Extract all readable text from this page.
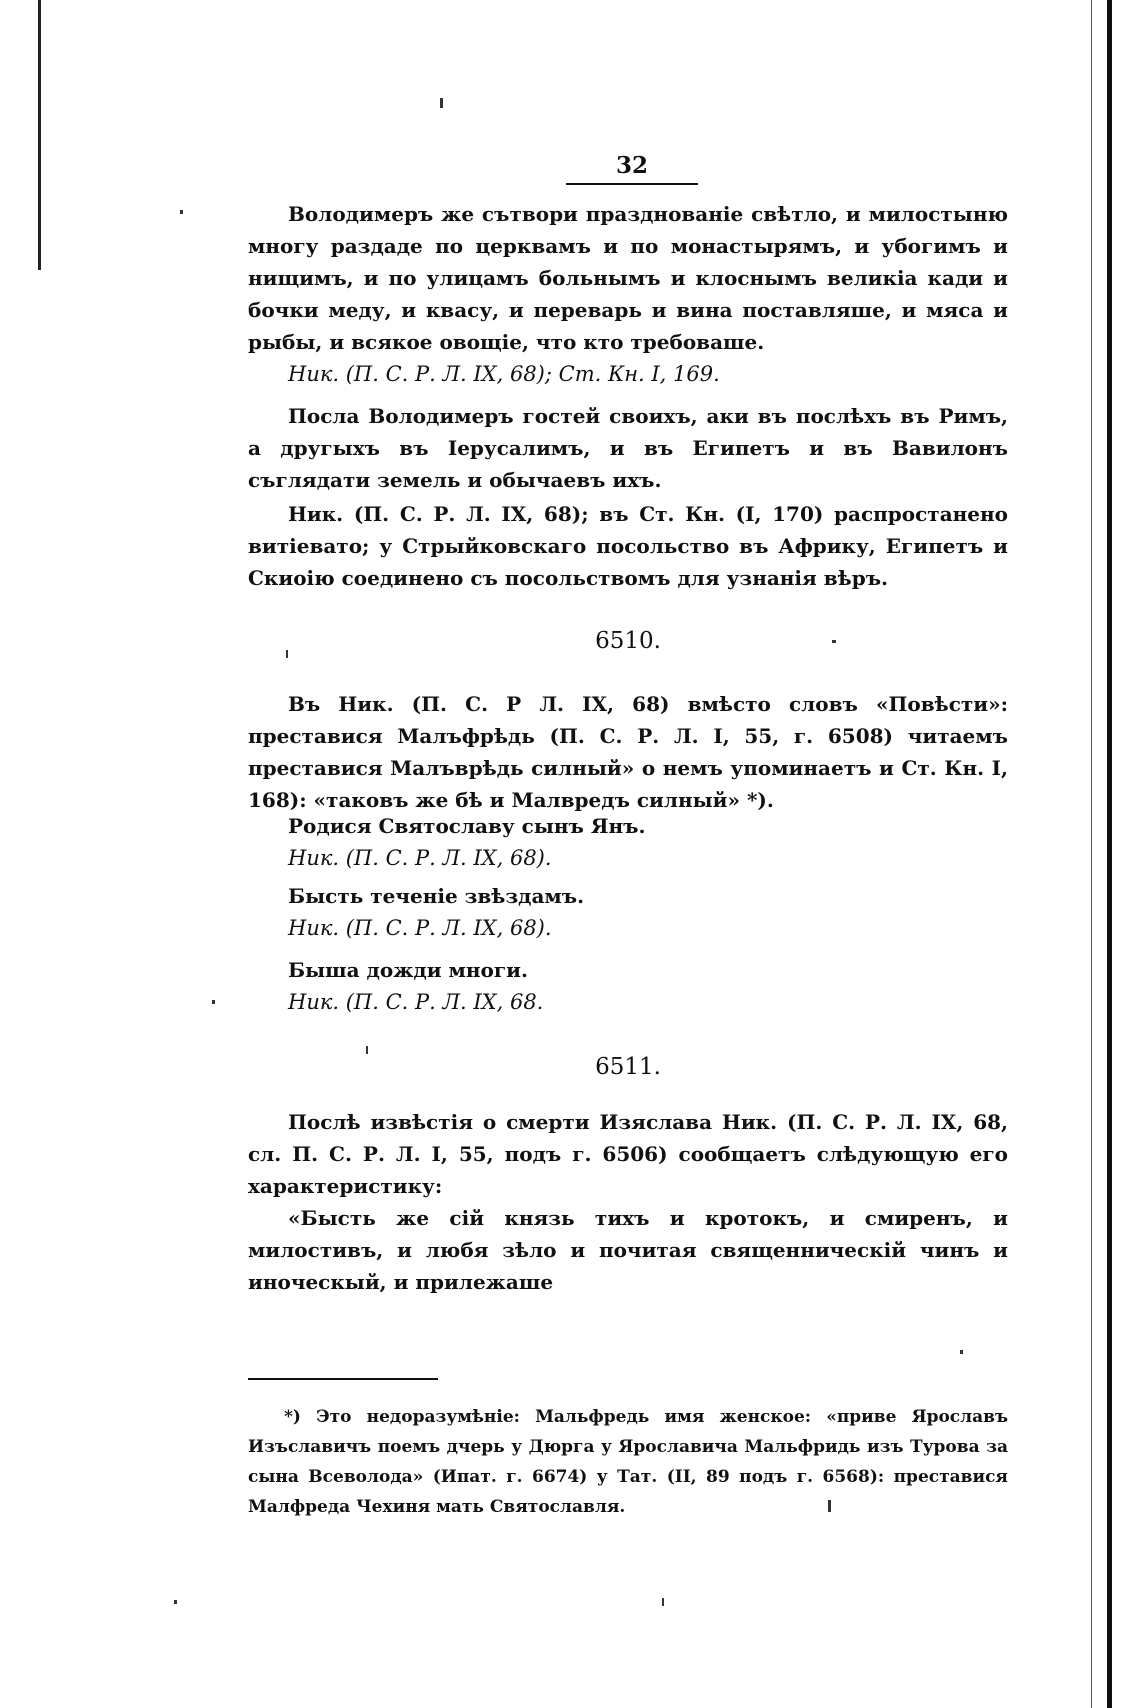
32

Володимеръ же сътвори празднованіе свѣтло, и милостыню многу раздаде по церквамъ и по монастырямъ, и убогимъ и нищимъ, и по улицамъ больнымъ и клоснымъ великіа кади и бочки меду, и квасу, и переварь и вина поставляше, и мяса и рыбы, и всякое овощіе, что кто требоваше.

Ник. (П. С. Р. Л. IX, 68); Ст. Кн. I, 169.

Посла Володимеръ гостей своихъ, аки въ послѣхъ въ Римъ, а другыхъ въ Іерусалимъ, и въ Египетъ и въ Вавилонъ съглядати земель и обычаевъ ихъ.

Ник. (П. С. Р. Л. IX, 68); въ Ст. Кн. (I, 170) распростанено витіевато; у Стрыйковскаго посольство въ Африку, Египетъ и Скиоію соединено съ посольствомъ для узнанія вѣръ.

6510.

Въ Ник. (П. С. Р Л. IX, 68) вмѣсто словъ «Повѣсти»: преставися Малъфрѣдь (П. С. Р. Л. I, 55, г. 6508) читаемъ преставися Малъврѣдь силный» о немъ упоминаетъ и Ст. Кн. I, 168): «таковъ же бѣ и Малвредъ силный» *).

Родися Святославу сынъ Янъ.

Ник. (П. С. Р. Л. IX, 68).

Бысть теченіе звѣздамъ.

Ник. (П. С. Р. Л. IX, 68).

Быша дожди многи.

Ник. (П. С. Р. Л. IX, 68.

6511.

Послѣ извѣстія о смерти Изяслава Ник. (П. С. Р. Л. IX, 68, сл. П. С. Р. Л. I, 55, подъ г. 6506) сообщаетъ слѣдующую его характеристику:

«Бысть же сій князь тихъ и кротокъ, и смиренъ, и милостивъ, и любя зѣло и почитая священническій чинъ и иноческый, и прилежаше

*) Это недоразумѣніе: Мальфредь имя женское: «приве Ярославъ Изъславичъ поемъ дчерь у Дюрга у Ярославича Мальфридь изъ Турова за сына Всеволода» (Ипат. г. 6674) у Тат. (II, 89 подъ г. 6568): преставися Малфреда Чехиня мать Святославля.
